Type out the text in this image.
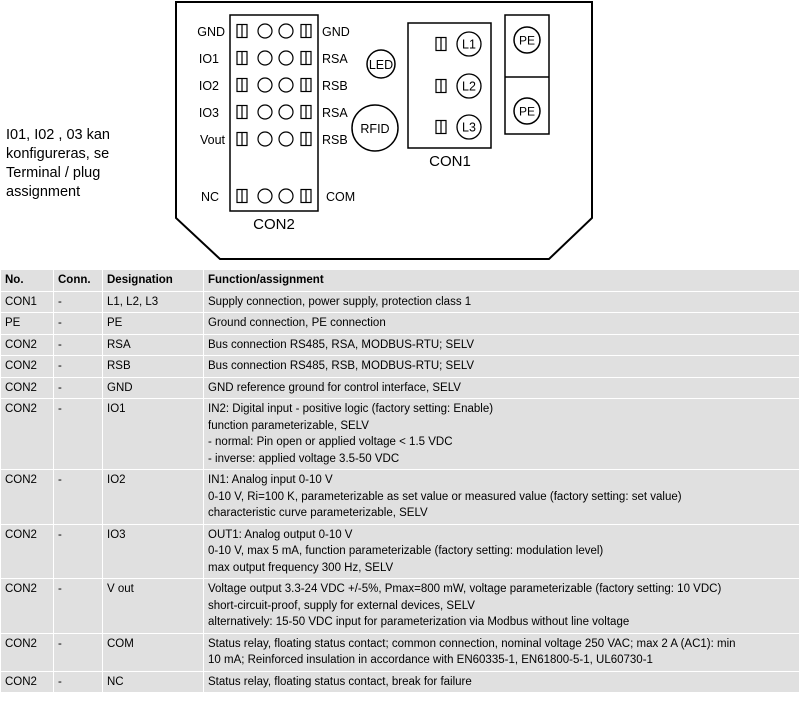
GND
IO1
IO2
IO3
Vout
NC
GND
RSA
RSB
RSA
RSB
COM
CON2
LED
RFID
L1
L2
L3
CON1
PE
PE
I01, I02 , 03 kan
konfigureras, se
Terminal / plug
assignment
No.	Conn.	Designation	Function/assignment
CON1	-	L1, L2, L3	Supply connection, power supply, protection class 1

PE	-	PE	Ground connection, PE connection

CON2	-	RSA	Bus connection RS485, RSA, MODBUS-RTU; SELV

CON2	-	RSB	Bus connection RS485, RSB, MODBUS-RTU; SELV

CON2	-	GND	GND reference ground for control interface, SELV

CON2	-	IO1	IN2: Digital input - positive logic (factory setting: Enable)
function parameterizable, SELV
- normal: Pin open or applied voltage < 1.5 VDC
- inverse: applied voltage 3.5-50 VDC

CON2	-	IO2	IN1: Analog input 0-10 V
0-10 V, Ri=100 K, parameterizable as set value or measured value (factory setting: set value)
characteristic curve parameterizable, SELV

CON2	-	IO3	OUT1: Analog output 0-10 V
0-10 V, max 5 mA, function parameterizable (factory setting: modulation level)
max output frequency 300 Hz, SELV

CON2	-	V out	Voltage output 3.3-24 VDC +/-5%, Pmax=800 mW, voltage parameterizable (factory setting: 10 VDC)
short-circuit-proof, supply for external devices, SELV
alternatively: 15-50 VDC input for parameterization via Modbus without line voltage

CON2	-	COM	Status relay, floating status contact; common connection, nominal voltage 250 VAC; max 2 A (AC1): min
10 mA; Reinforced insulation in accordance with EN60335-1, EN61800-5-1, UL60730-1

CON2	-	NC	Status relay, floating status contact, break for failure
